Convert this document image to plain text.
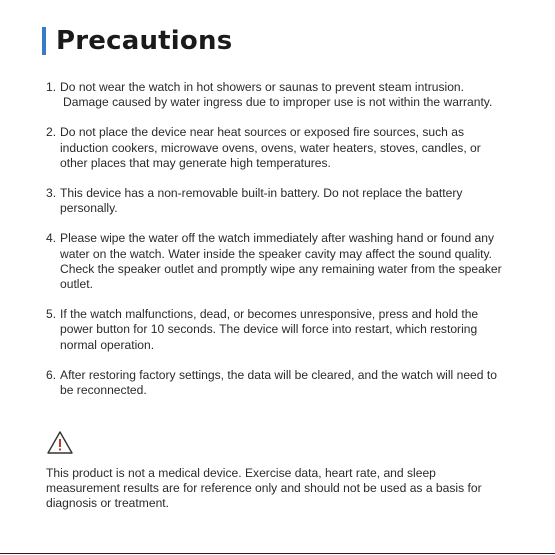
Precautions
1. Do not wear the watch in hot showers or saunas to prevent steam intrusion.
Damage caused by water ingress due to improper use is not within the warranty.
2. Do not place the device near heat sources or exposed fire sources, such as induction cookers, microwave ovens, ovens, water heaters, stoves, candles, or other places that may generate high temperatures.
3. This device has a non-removable built-in battery. Do not replace the battery personally.
4. Please wipe the water off the watch immediately after washing hand or found any water on the watch. Water inside the speaker cavity may affect the sound quality. Check the speaker outlet and promptly wipe any remaining water from the speaker outlet.
5. If the watch malfunctions, dead, or becomes unresponsive, press and hold the power button for 10 seconds. The device will force into restart, which restoring normal operation.
6. After restoring factory settings, the data will be cleared, and the watch will need to be reconnected.
This product is not a medical device. Exercise data, heart rate, and sleep measurement results are for reference only and should not be used as a basis for diagnosis or treatment.
